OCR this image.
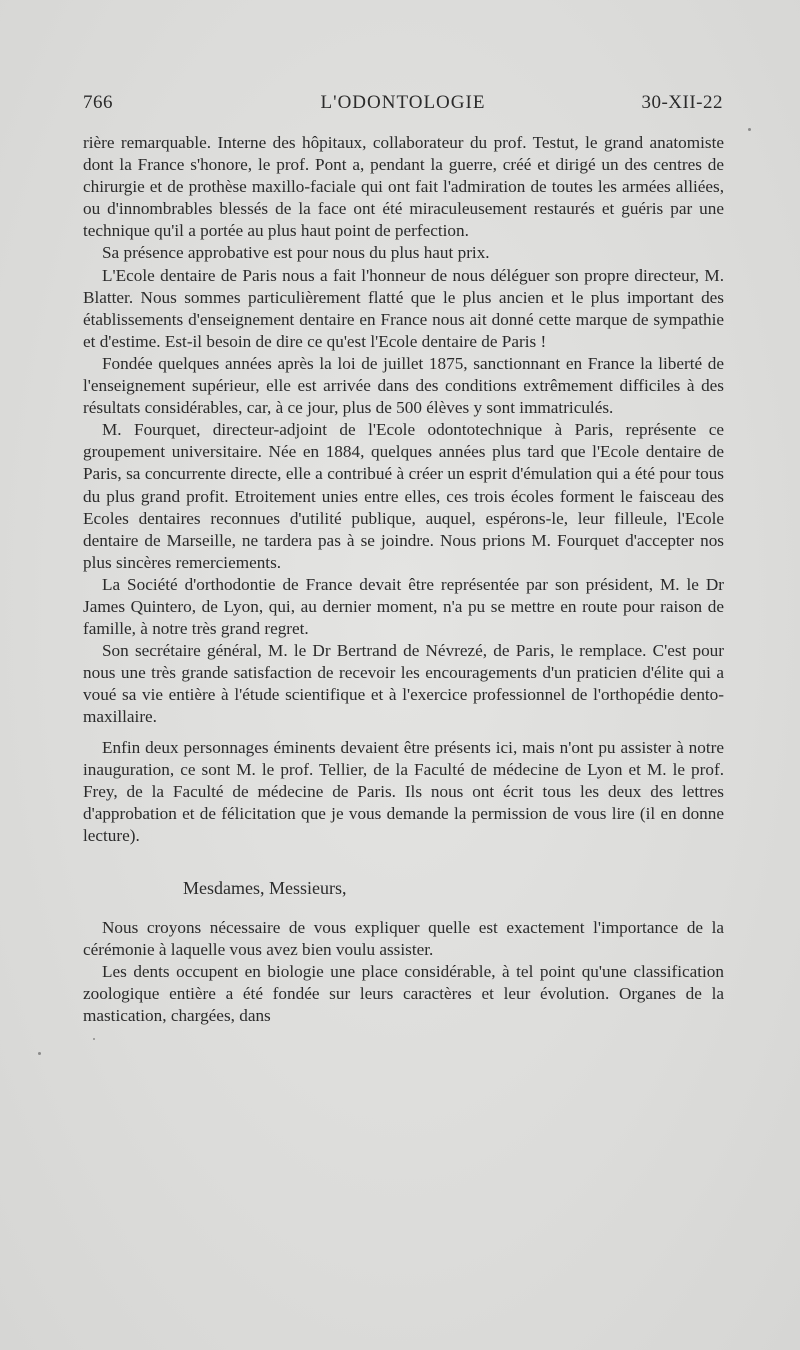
766	L'ODONTOLOGIE	30-XII-22

rière remarquable. Interne des hôpitaux, collaborateur du prof. Testut, le grand anatomiste dont la France s'honore, le prof. Pont a, pendant la guerre, créé et dirigé un des centres de chirurgie et de prothèse maxillo-faciale qui ont fait l'admiration de toutes les armées alliées, ou d'innombrables blessés de la face ont été miraculeusement restaurés et guéris par une technique qu'il a portée au plus haut point de perfection.

Sa présence approbative est pour nous du plus haut prix.

L'Ecole dentaire de Paris nous a fait l'honneur de nous déléguer son propre directeur, M. Blatter. Nous sommes particulièrement flatté que le plus ancien et le plus important des établissements d'enseignement dentaire en France nous ait donné cette marque de sympathie et d'estime. Est-il besoin de dire ce qu'est l'Ecole dentaire de Paris !

Fondée quelques années après la loi de juillet 1875, sanctionnant en France la liberté de l'enseignement supérieur, elle est arrivée dans des conditions extrêmement difficiles à des résultats considérables, car, à ce jour, plus de 500 élèves y sont immatriculés.

M. Fourquet, directeur-adjoint de l'Ecole odontotechnique à Paris, représente ce groupement universitaire. Née en 1884, quelques années plus tard que l'Ecole dentaire de Paris, sa concurrente directe, elle a contribué à créer un esprit d'émulation qui a été pour tous du plus grand profit. Etroitement unies entre elles, ces trois écoles forment le faisceau des Ecoles dentaires reconnues d'utilité publique, auquel, espérons-le, leur filleule, l'Ecole dentaire de Marseille, ne tardera pas à se joindre. Nous prions M. Fourquet d'accepter nos plus sincères remerciements.

La Société d'orthodontie de France devait être représentée par son président, M. le Dr James Quintero, de Lyon, qui, au dernier moment, n'a pu se mettre en route pour raison de famille, à notre très grand regret.

Son secrétaire général, M. le Dr Bertrand de Névrezé, de Paris, le remplace. C'est pour nous une très grande satisfaction de recevoir les encouragements d'un praticien d'élite qui a voué sa vie entière à l'étude scientifique et à l'exercice professionnel de l'orthopédie dento-maxillaire.

Enfin deux personnages éminents devaient être présents ici, mais n'ont pu assister à notre inauguration, ce sont M. le prof. Tellier, de la Faculté de médecine de Lyon et M. le prof. Frey, de la Faculté de médecine de Paris. Ils nous ont écrit tous les deux des lettres d'approbation et de félicitation que je vous demande la permission de vous lire (il en donne lecture).

Mesdames, Messieurs,

Nous croyons nécessaire de vous expliquer quelle est exactement l'importance de la cérémonie à laquelle vous avez bien voulu assister.

Les dents occupent en biologie une place considérable, à tel point qu'une classification zoologique entière a été fondée sur leurs caractères et leur évolution. Organes de la mastication, chargées, dans
